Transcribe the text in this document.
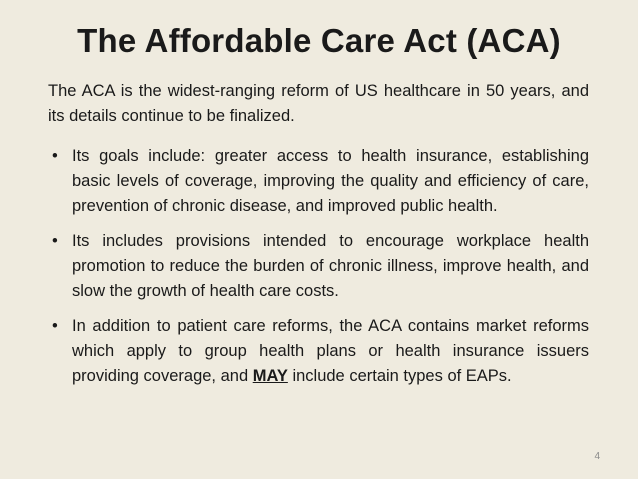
The Affordable Care Act (ACA)
The ACA is the widest-ranging reform of US healthcare in 50 years, and its details continue to be finalized.
• Its goals include: greater access to health insurance, establishing basic levels of coverage, improving the quality and efficiency of care, prevention of chronic disease, and improved public health.
• Its includes provisions intended to encourage workplace health promotion to reduce the burden of chronic illness, improve health, and slow the growth of health care costs.
• In addition to patient care reforms, the ACA contains market reforms which apply to group health plans or health insurance issuers providing coverage, and MAY include certain types of EAPs.
4
